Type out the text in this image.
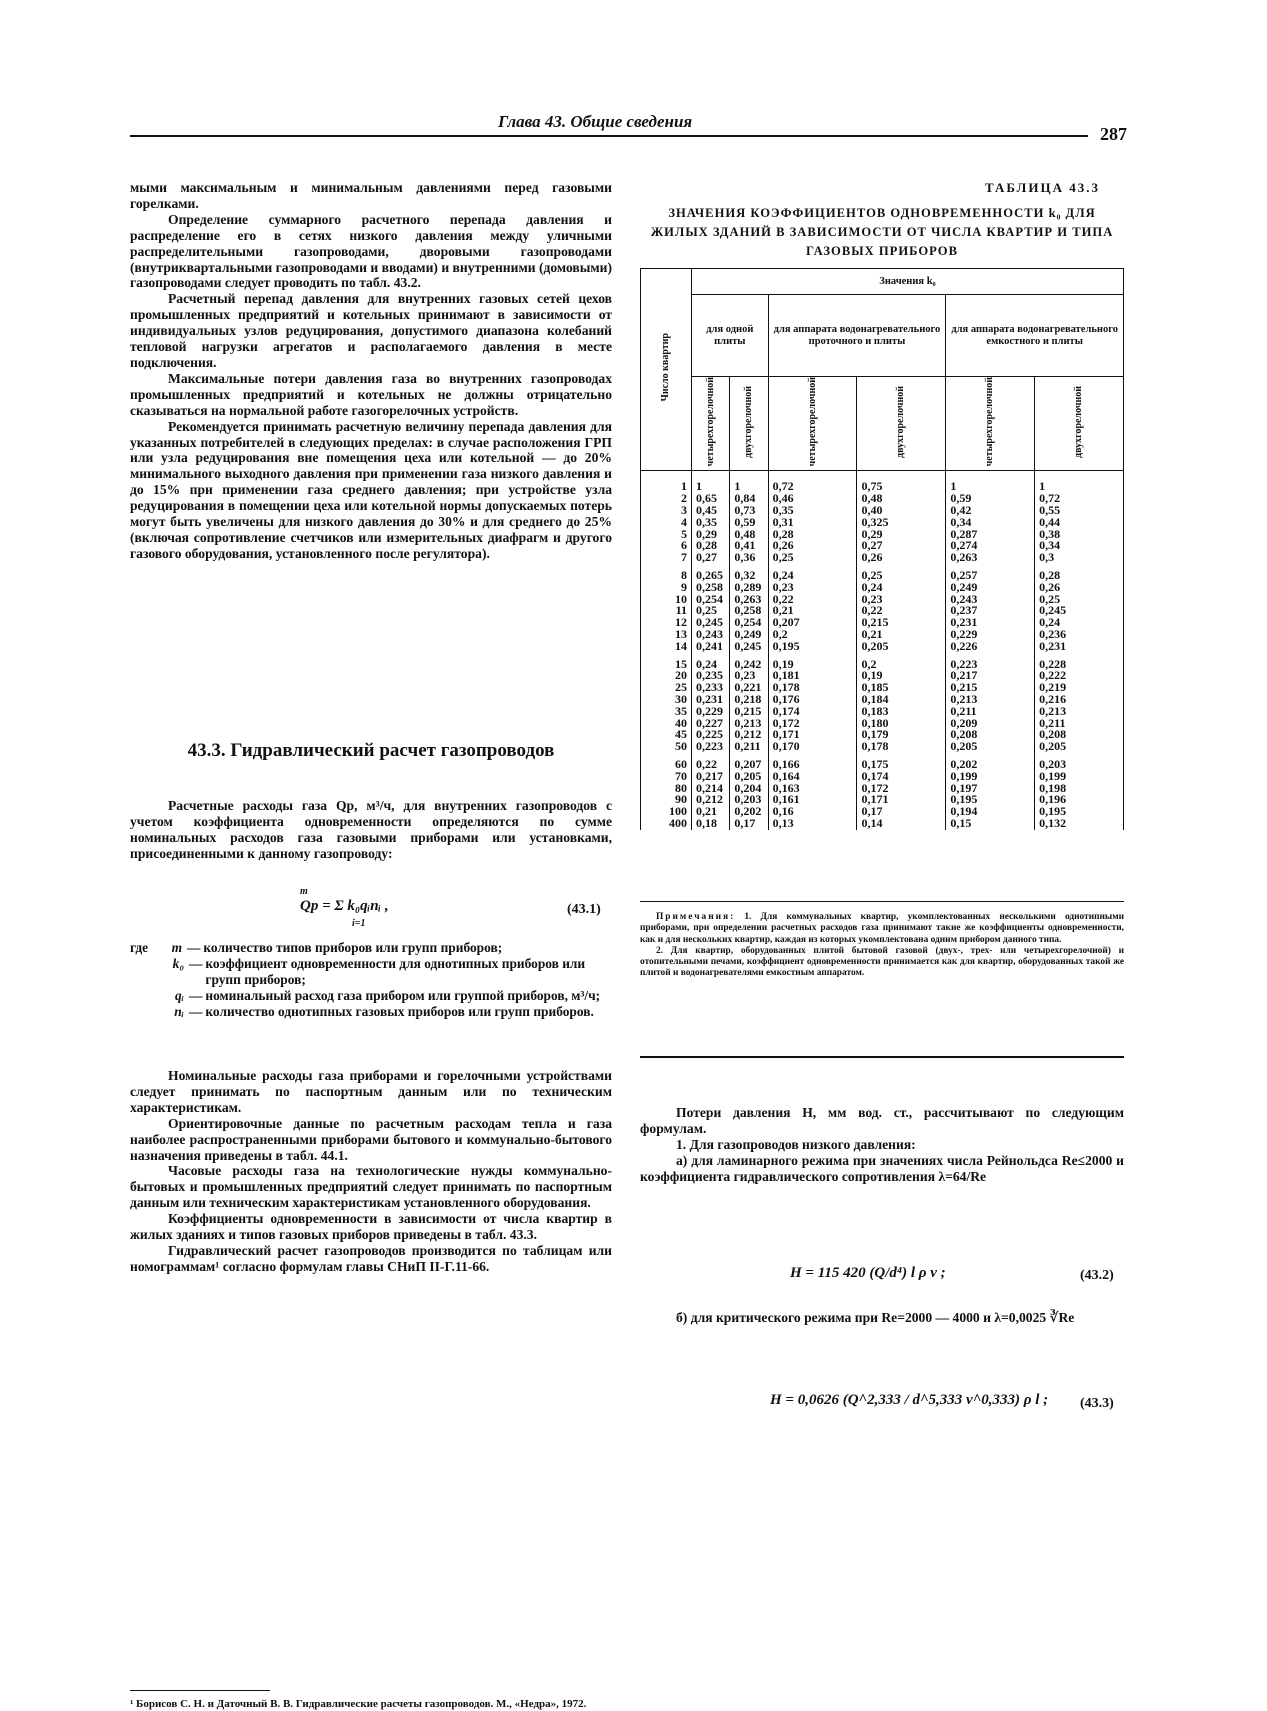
Глава 43. Общие сведения
287

мыми максимальным и минимальным давлениями перед газовыми горелками.

Определение суммарного расчетного перепада давления и распределение его в сетях низкого давления между уличными распределительными газопроводами, дворовыми газопроводами (внутриквартальными газопроводами и вводами) и внутренними (домовыми) газопроводами следует проводить по табл. 43.2.

Расчетный перепад давления для внутренних газовых сетей цехов промышленных предприятий и котельных принимают в зависимости от индивидуальных узлов редуцирования, допустимого диапазона колебаний тепловой нагрузки агрегатов и располагаемого давления в месте подключения.

Максимальные потери давления газа во внутренних газопроводах промышленных предприятий и котельных не должны отрицательно сказываться на нормальной работе газогорелочных устройств.

Рекомендуется принимать расчетную величину перепада давления для указанных потребителей в следующих пределах: в случае расположения ГРП или узла редуцирования вне помещения цеха или котельной — до 20% минимального выходного давления при применении газа низкого давления и до 15% при применении газа среднего давления; при устройстве узла редуцирования в помещении цеха или котельной нормы допускаемых потерь могут быть увеличены для низкого давления до 30% и для среднего до 25% (включая сопротивление счетчиков или измерительных диафрагм и другого газового оборудования, установленного после регулятора).

43.3. Гидравлический расчет газопроводов

Расчетные расходы газа Qр, м³/ч, для внутренних газопроводов с учетом коэффициента одновременности определяются по сумме номинальных расходов газа газовыми приборами или установками, присоединенными к данному газопроводу:

m
Qр = Σ k₀qᵢnᵢ ,
i=1
(43.1)
где	m — количество типов приборов или групп приборов;
k₀ — коэффициент одновременности для однотипных приборов или групп приборов;
qᵢ — номинальный расход газа прибором или группой приборов, м³/ч;
nᵢ — количество однотипных газовых приборов или групп приборов.

Номинальные расходы газа приборами и горелочными устройствами следует принимать по паспортным данным или по техническим характеристикам.

Ориентировочные данные по расчетным расходам тепла и газа наиболее распространенными приборами бытового и коммунально-бытового назначения приведены в табл. 44.1.

Часовые расходы газа на технологические нужды коммунально-бытовых и промышленных предприятий следует принимать по паспортным данным или техническим характеристикам установленного оборудования.

Коэффициенты одновременности в зависимости от числа квартир в жилых зданиях и типов газовых приборов приведены в табл. 43.3.

Гидравлический расчет газопроводов производится по таблицам или номограммам¹ согласно формулам главы СНиП II-Г.11-66.

¹ Борисов С. Н. и Даточный В. В. Гидравлические расчеты газопроводов. М., «Недра», 1972.
ТАБЛИЦА 43.3
ЗНАЧЕНИЯ КОЭФФИЦИЕНТОВ ОДНОВРЕМЕННОСТИ k₀ ДЛЯ ЖИЛЫХ ЗДАНИЙ В ЗАВИСИМОСТИ ОТ ЧИСЛА КВАРТИР И ТИПА ГАЗОВЫХ ПРИБОРОВ
Число квартир	Значения k₀					
	для одной плиты		для аппарата водонагревательного проточного и плиты		для аппарата водонагревательного емкостного и плиты	
	четырехгорелочной	двухгорелочной	четырехгорелочной	двухгорелочной	четырехгорелочной	двухгорелочной
1	1	1	0,72	0,75	1	1
2	0,65	0,84	0,46	0,48	0,59	0,72
3	0,45	0,73	0,35	0,40	0,42	0,55
4	0,35	0,59	0,31	0,325	0,34	0,44
5	0,29	0,48	0,28	0,29	0,287	0,38
6	0,28	0,41	0,26	0,27	0,274	0,34
7	0,27	0,36	0,25	0,26	0,263	0,3
8	0,265	0,32	0,24	0,25	0,257	0,28
9	0,258	0,289	0,23	0,24	0,249	0,26
10	0,254	0,263	0,22	0,23	0,243	0,25
11	0,25	0,258	0,21	0,22	0,237	0,245
12	0,245	0,254	0,207	0,215	0,231	0,24
13	0,243	0,249	0,2	0,21	0,229	0,236
14	0,241	0,245	0,195	0,205	0,226	0,231
15	0,24	0,242	0,19	0,2	0,223	0,228
20	0,235	0,23	0,181	0,19	0,217	0,222
25	0,233	0,221	0,178	0,185	0,215	0,219
30	0,231	0,218	0,176	0,184	0,213	0,216
35	0,229	0,215	0,174	0,183	0,211	0,213
40	0,227	0,213	0,172	0,180	0,209	0,211
45	0,225	0,212	0,171	0,179	0,208	0,208
50	0,223	0,211	0,170	0,178	0,205	0,205
60	0,22	0,207	0,166	0,175	0,202	0,203
70	0,217	0,205	0,164	0,174	0,199	0,199
80	0,214	0,204	0,163	0,172	0,197	0,198
90	0,212	0,203	0,161	0,171	0,195	0,196
100	0,21	0,202	0,16	0,17	0,194	0,195
400	0,18	0,17	0,13	0,14	0,15	0,132

Примечания: 1. Для коммунальных квартир, укомплектованных несколькими однотипными приборами, при определении расчетных расходов газа принимают такие же коэффициенты одновременности, как и для нескольких квартир, каждая из которых укомплектована одним прибором данного типа.

2. Для квартир, оборудованных плитой бытовой газовой (двух-, трех- или четырехгорелочной) и отопительными печами, коэффициент одновременности принимается как для квартир, оборудованных такой же плитой и водонагревателями емкостным аппаратом.

Потери давления H, мм вод. ст., рассчитывают по следующим формулам.

1. Для газопроводов низкого давления:

а) для ламинарного режима при значениях числа Рейнольдса Re≤2000 и коэффициента гидравлического сопротивления λ=64/Re

H = 115 420 (Q/d⁴) l ρ ν ;	(43.2)

б) для критического режима при Re=2000 — 4000 и λ=0,0025 ∛Re

H = 0,0626 (Q^2,333 / d^5,333 ν^0,333) ρ l ; (43.3)
